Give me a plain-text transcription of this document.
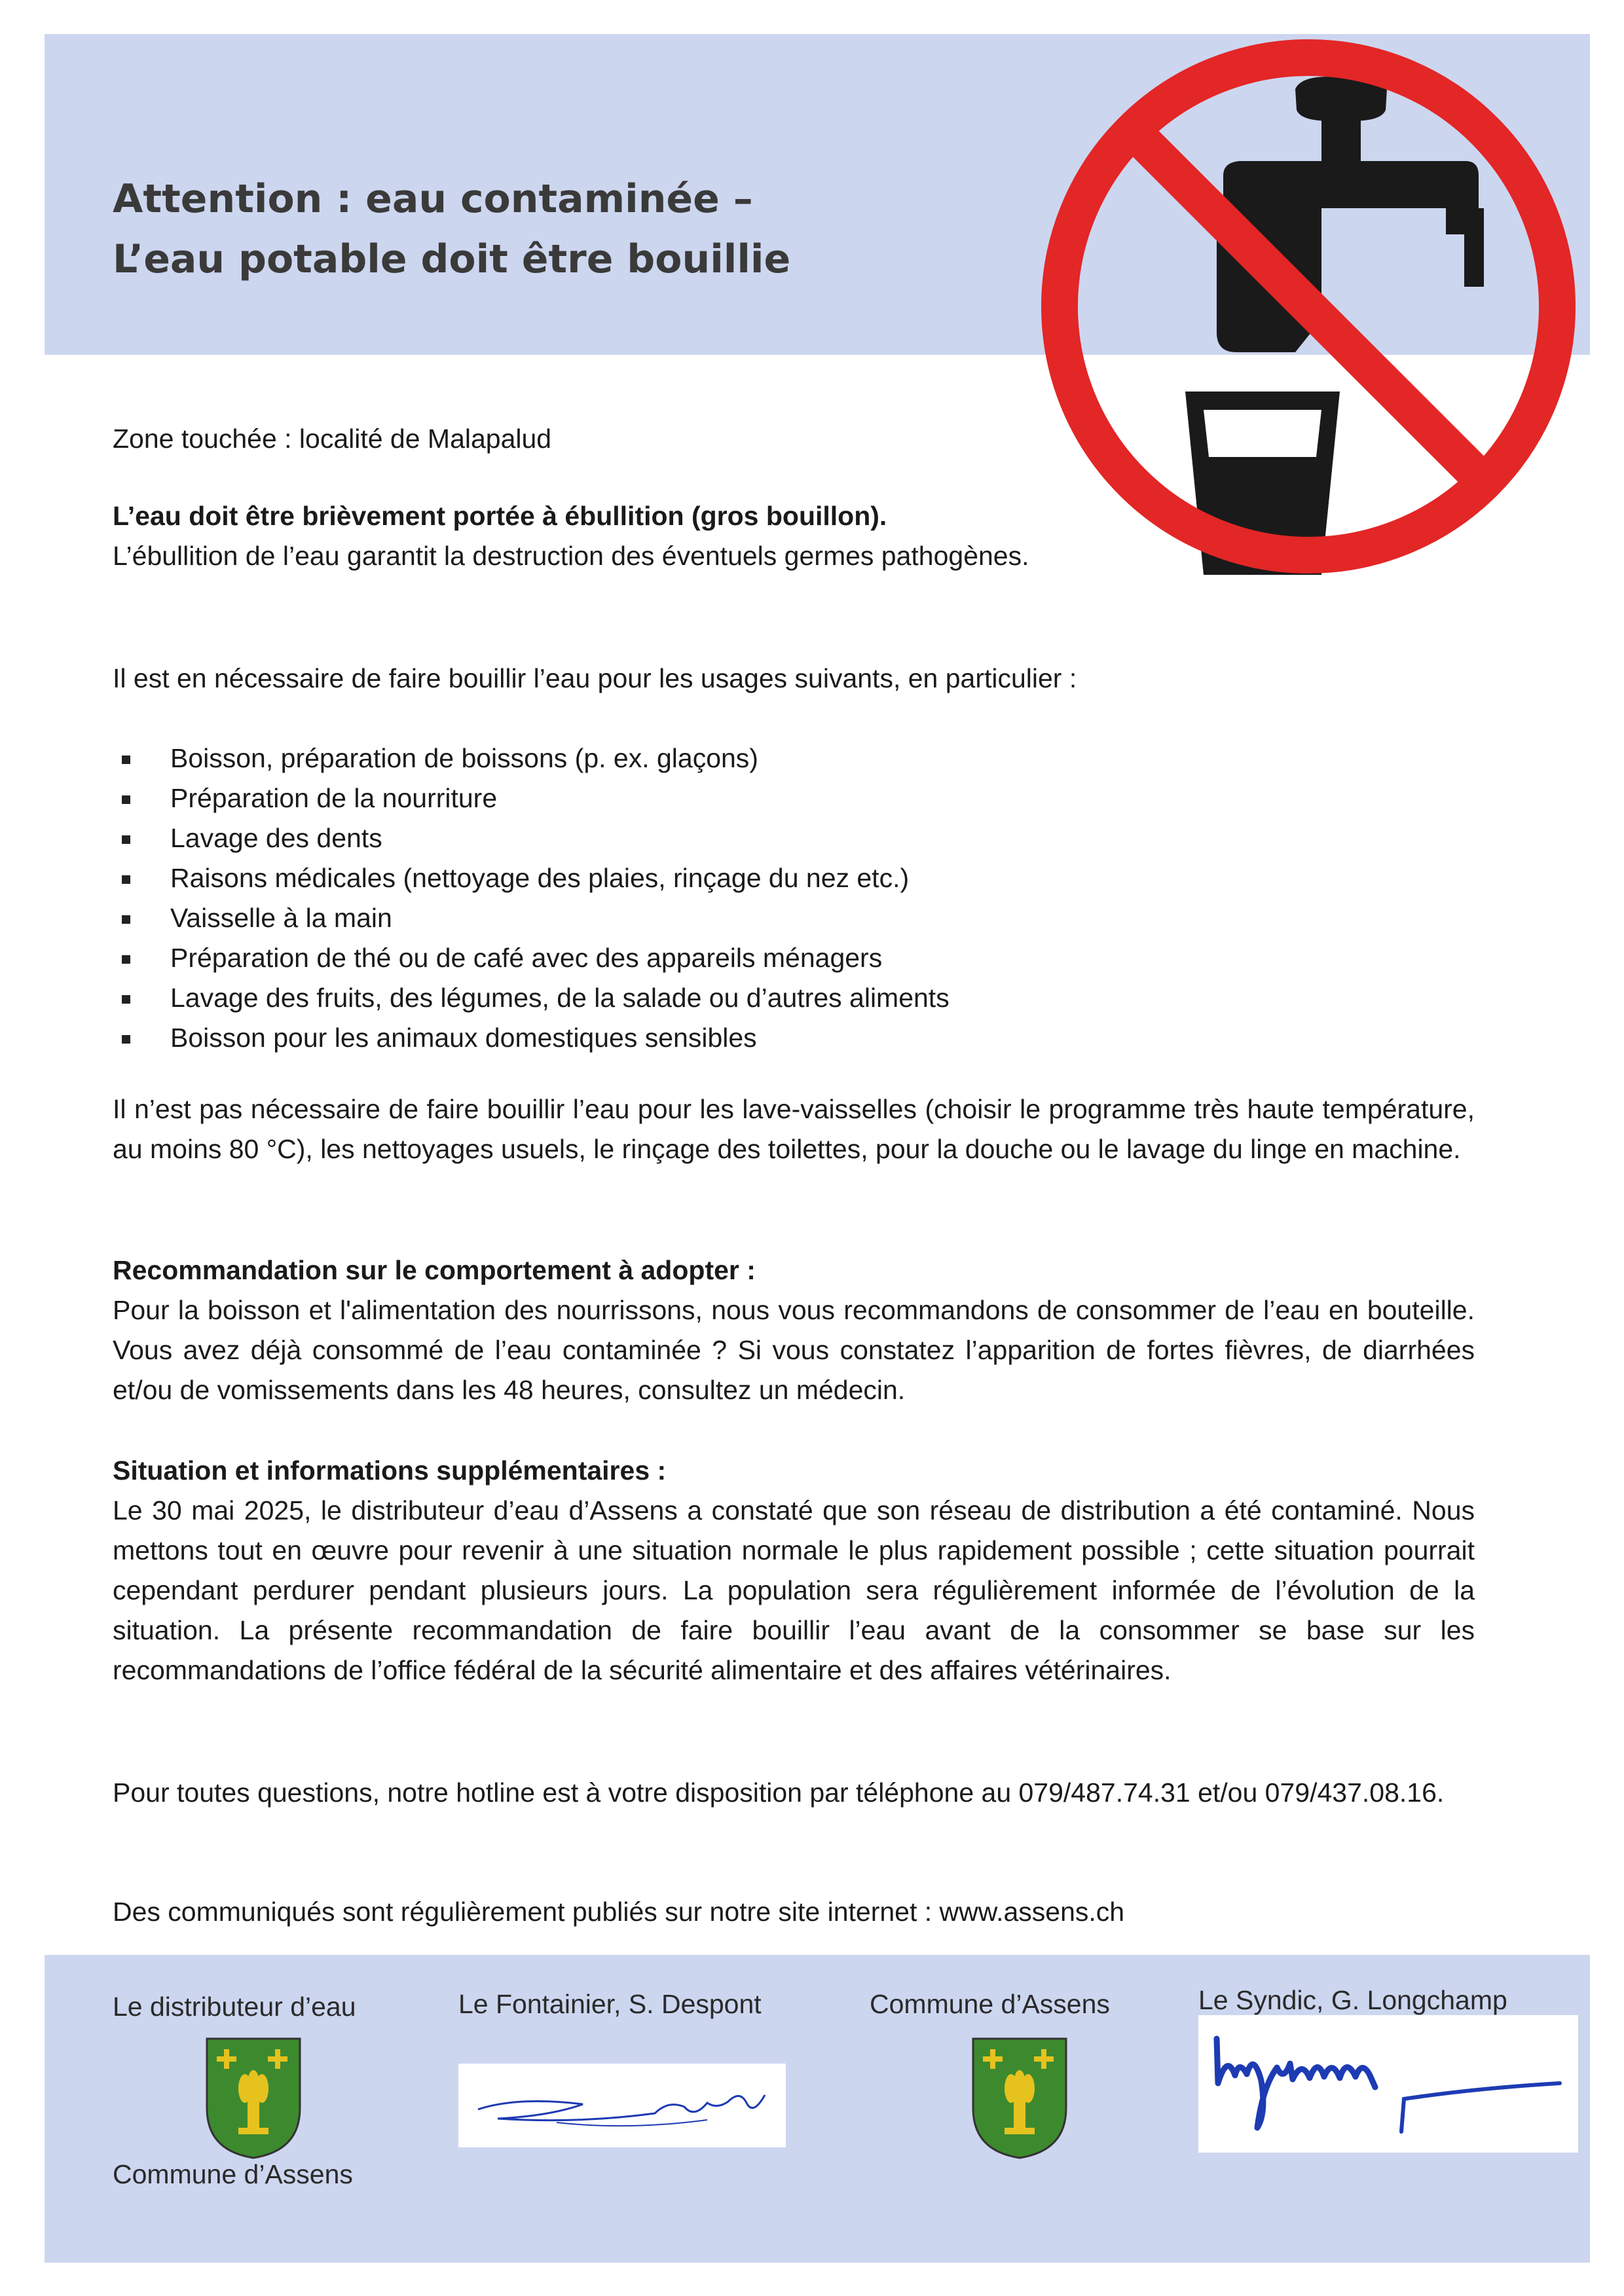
Attention : eau contaminée –
L’eau potable doit être bouillie

Zone touchée : localité de Malapalud

L’eau doit être brièvement portée à ébullition (gros bouillon).

L’ébullition de l’eau garantit la destruction des éventuels germes pathogènes.

Il est en nécessaire de faire bouillir l’eau pour les usages suivants, en particulier :

Boisson, préparation de boissons (p. ex. glaçons)
Préparation de la nourriture
Lavage des dents
Raisons médicales (nettoyage des plaies, rinçage du nez etc.)
Vaisselle à la main
Préparation de thé ou de café avec des appareils ménagers
Lavage des fruits, des légumes, de la salade ou d’autres aliments
Boisson pour les animaux domestiques sensibles

Il n’est pas nécessaire de faire bouillir l’eau pour les lave-vaisselles (choisir le programme très haute température, au moins 80 °C), les nettoyages usuels, le rinçage des toilettes, pour la douche ou le lavage du linge en machine.

Recommandation sur le comportement à adopter :

Pour la boisson et l'alimentation des nourrissons, nous vous recommandons de consommer de l’eau en bouteille. Vous avez déjà consommé de l’eau contaminée ? Si vous constatez l’apparition de fortes fièvres, de diarrhées et/ou de vomissements dans les 48 heures, consultez un médecin.

Situation et informations supplémentaires :

Le 30 mai 2025, le distributeur d’eau d’Assens a constaté que son réseau de distribution a été contaminé. Nous mettons tout en œuvre pour revenir à une situation normale le plus rapidement possible ; cette situation pourrait cependant perdurer pendant plusieurs jours. La population sera régulièrement informée de l’évolution de la situation. La présente recommandation de faire bouillir l’eau avant de la consommer se base sur les recommandations de l’office fédéral de la sécurité alimentaire et des affaires vétérinaires.

Pour toutes questions, notre hotline est à votre disposition par téléphone au 079/487.74.31 et/ou 079/437.08.16.

Des communiqués sont régulièrement publiés sur notre site internet : www.assens.ch

Le distributeur d’eau	Le Fontainier, S. Despont	Commune d’Assens	Le Syndic, G. Longchamp
Commune d’Assens
